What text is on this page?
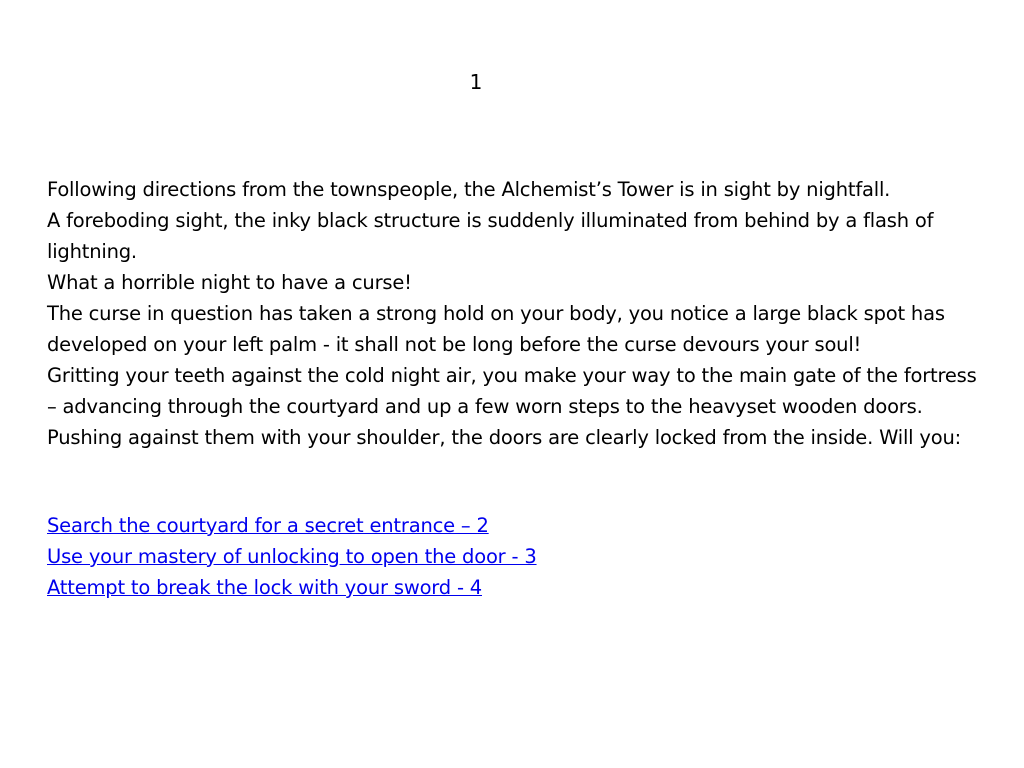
1

Following directions from the townspeople, the Alchemist’s Tower is in sight by nightfall.

A foreboding sight, the inky black structure is suddenly illuminated from behind by a flash of lightning.

What a horrible night to have a curse!

The curse in question has taken a strong hold on your body, you notice a large black spot has developed on your left palm - it shall not be long before the curse devours your soul!

Gritting your teeth against the cold night air, you make your way to the main gate of the fortress – advancing through the courtyard and up a few worn steps to the heavyset wooden doors. Pushing against them with your shoulder, the doors are clearly locked from the inside. Will you:

Search the courtyard for a secret entrance – 2
Use your mastery of unlocking to open the door - 3
Attempt to break the lock with your sword - 4
